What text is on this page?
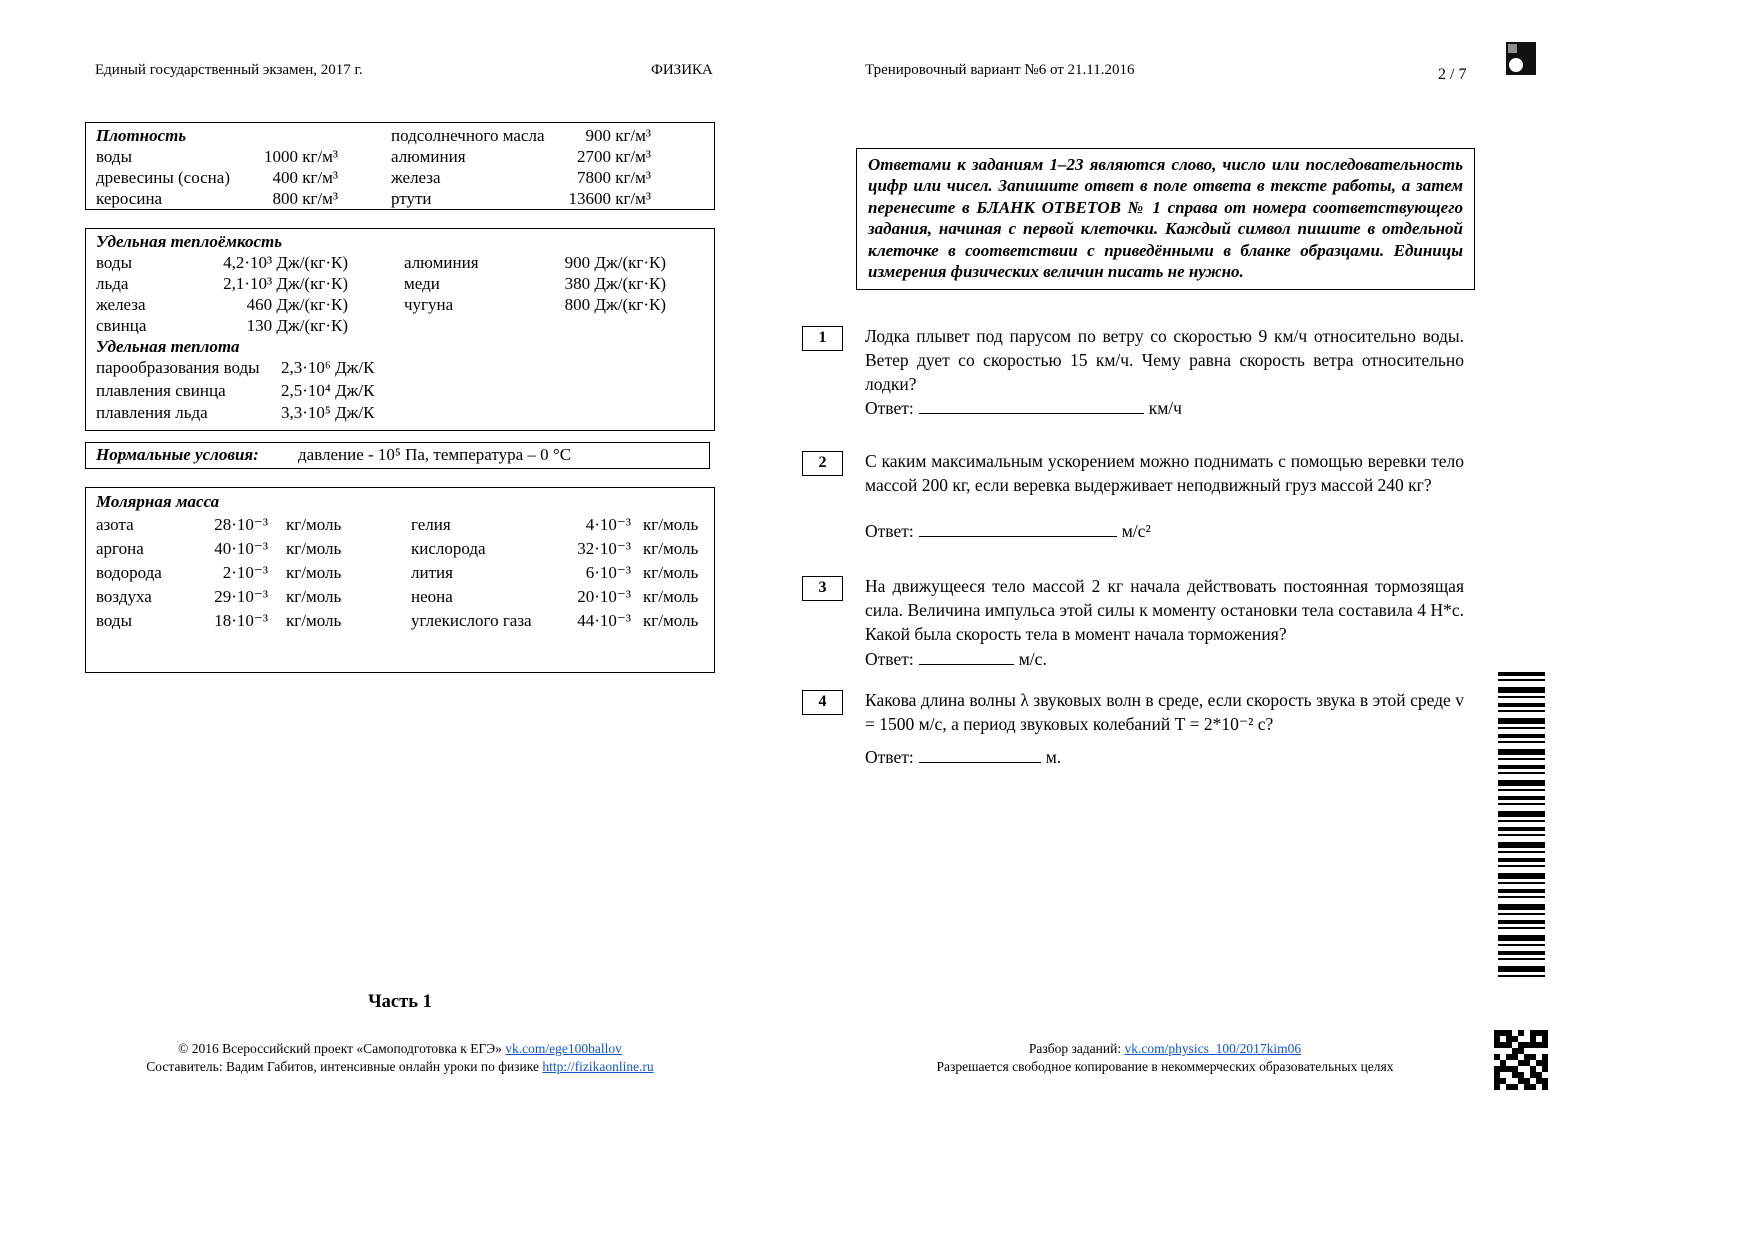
Единый государственный экзамен, 2017 г.	ФИЗИКА	Тренировочный вариант №6 от 21.11.2016	2 / 7
Плотность	подсолнечного масла	900 кг/м³
воды	1000 кг/м³	алюминия	2700 кг/м³
древесины (сосна)	400 кг/м³	железа	7800 кг/м³
керосина	800 кг/м³	ртути	13600 кг/м³
Удельная теплоёмкость
воды	4,2·10³ Дж/(кг·К)	алюминия	900 Дж/(кг·К)
льда	2,1·10³ Дж/(кг·К)	меди	380 Дж/(кг·К)
железа	460 Дж/(кг·К)	чугуна	800 Дж/(кг·К)
свинца	130 Дж/(кг·К)
Удельная теплота
парообразования воды	2,3·10⁶ Дж/К
плавления свинца	2,5·10⁴ Дж/К
плавления льда	3,3·10⁵ Дж/К
Нормальные условия: давление - 10⁵ Па, температура – 0 °С
Молярная масса
азота	28·10⁻³	кг/моль	гелия	4·10⁻³ кг/моль
аргона	40·10⁻³	кг/моль	кислорода	32·10⁻³ кг/моль
водорода	2·10⁻³	кг/моль	лития	6·10⁻³ кг/моль
воздуха	29·10⁻³	кг/моль	неона	20·10⁻³ кг/моль
воды	18·10⁻³	кг/моль	углекислого газа	44·10⁻³ кг/моль
Ответами к заданиям 1–23 являются слово, число или последовательность цифр или чисел. Запишите ответ в поле ответа в тексте работы, а затем перенесите в БЛАНК ОТВЕТОВ № 1 справа от номера соответствующего задания, начиная с первой клеточки. Каждый символ пишите в отдельной клеточке в соответствии с приведёнными в бланке образцами. Единицы измерения физических величин писать не нужно.
1	Лодка плывет под парусом по ветру со скоростью 9 км/ч относительно воды. Ветер дует со скоростью 15 км/ч. Чему равна скорость ветра относительно лодки?
Ответ:	км/ч
2	С каким максимальным ускорением можно поднимать с помощью веревки тело массой 200 кг, если веревка выдерживает неподвижный груз массой 240 кг?
Ответ:	м/с²
3	На движущееся тело массой 2 кг начала действовать постоянная тормозящая сила. Величина импульса этой силы к моменту остановки тела составила 4 Н*с. Какой была скорость тела в момент начала торможения?
Ответ:	м/с.
4	Какова длина волны λ звуковых волн в среде, если скорость звука в этой среде v = 1500 м/с, а период звуковых колебаний Т = 2*10⁻² с?
Ответ:	м.
Часть 1
© 2016 Всероссийский проект «Самоподготовка к ЕГЭ» vk.com/ege100ballov
Составитель: Вадим Габитов, интенсивные онлайн уроки по физике http://fizikaonline.ru
Разбор заданий: vk.com/physics_100/2017kim06
Разрешается свободное копирование в некоммерческих образовательных целях
